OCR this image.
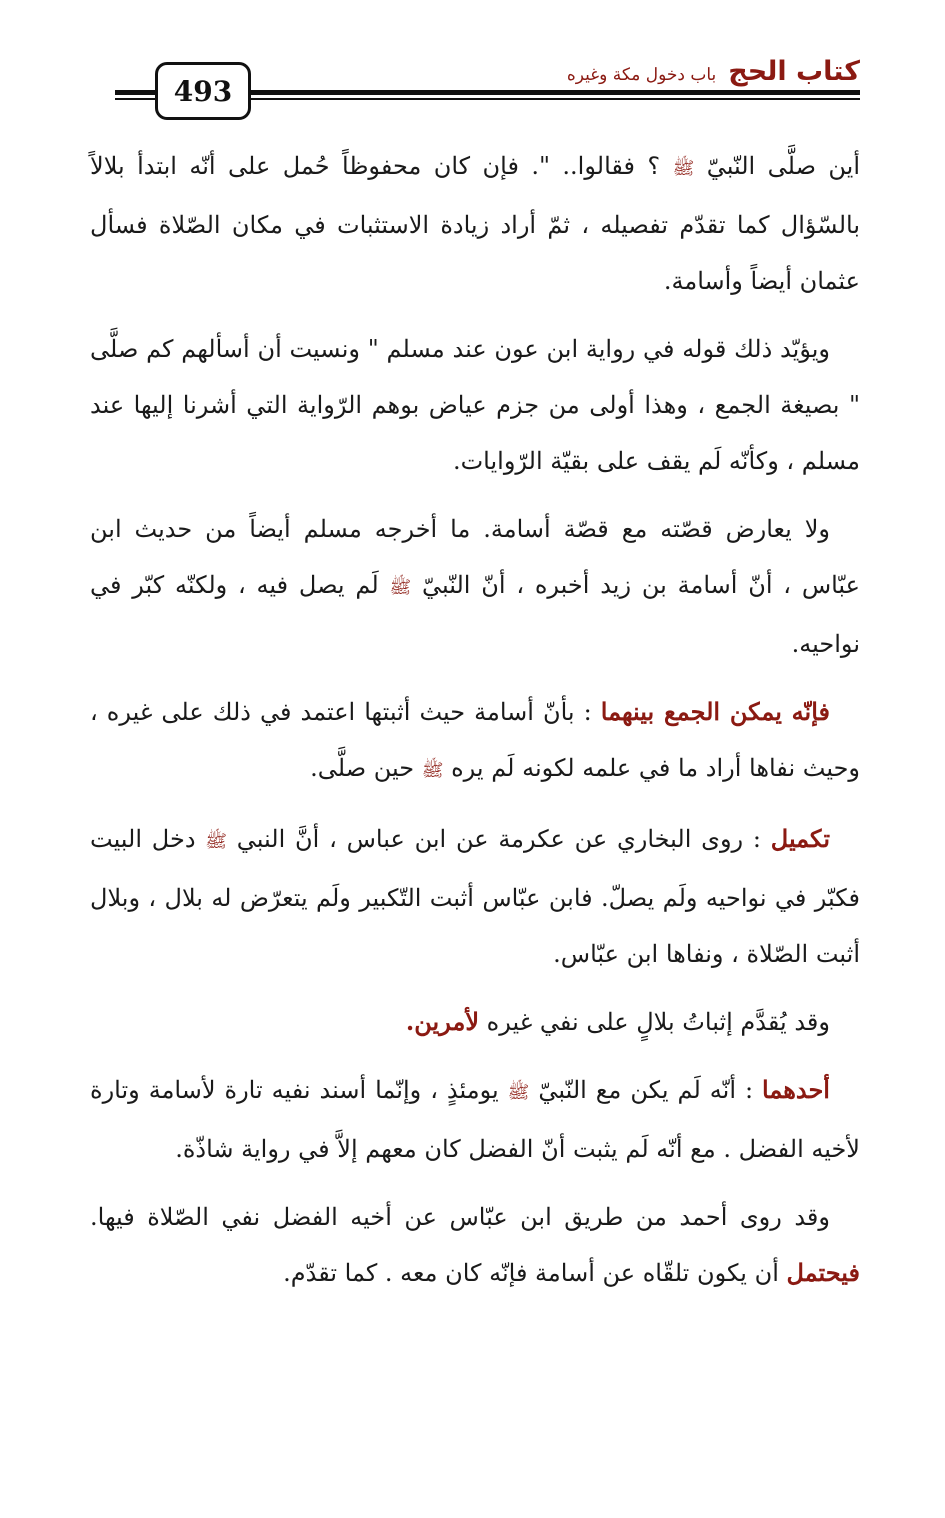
كتاب الحج
باب دخول مكة وغيره
493

أين صلَّى النّبيّ ﷺ ؟ فقالوا.. ". فإن كان محفوظاً حُمل على أنّه ابتدأ بلالاً بالسّؤال كما تقدّم تفصيله ، ثمّ أراد زيادة الاستثبات في مكان الصّلاة فسأل عثمان أيضاً وأسامة.

ويؤيّد ذلك قوله في رواية ابن عون عند مسلم " ونسيت أن أسألهم كم صلَّى " بصيغة الجمع ، وهذا أولى من جزم عياض بوهم الرّواية التي أشرنا إليها عند مسلم ، وكأنّه لَم يقف على بقيّة الرّوايات.

ولا يعارض قصّته مع قصّة أسامة. ما أخرجه مسلم أيضاً من حديث ابن عبّاس ، أنّ أسامة بن زيد أخبره ، أنّ النّبيّ ﷺ لَم يصل فيه ، ولكنّه كبّر في نواحيه.

فإنّه يمكن الجمع بينهما : بأنّ أسامة حيث أثبتها اعتمد في ذلك على غيره ، وحيث نفاها أراد ما في علمه لكونه لَم يره ﷺ حين صلَّى.

تكميل : روى البخاري عن عكرمة عن ابن عباس ، أنَّ النبي ﷺ دخل البيت فكبّر في نواحيه ولَم يصلّ. فابن عبّاس أثبت التّكبير ولَم يتعرّض له بلال ، وبلال أثبت الصّلاة ، ونفاها ابن عبّاس.

وقد يُقدَّم إثباتُ بلالٍ على نفي غيره لأمرين.

أحدهما : أنّه لَم يكن مع النّبيّ ﷺ يومئذٍ ، وإنّما أسند نفيه تارة لأسامة وتارة لأخيه الفضل . مع أنّه لَم يثبت أنّ الفضل كان معهم إلاَّ في رواية شاذّة.

وقد روى أحمد من طريق ابن عبّاس عن أخيه الفضل نفي الصّلاة فيها. فيحتمل أن يكون تلقّاه عن أسامة فإنّه كان معه . كما تقدّم.
